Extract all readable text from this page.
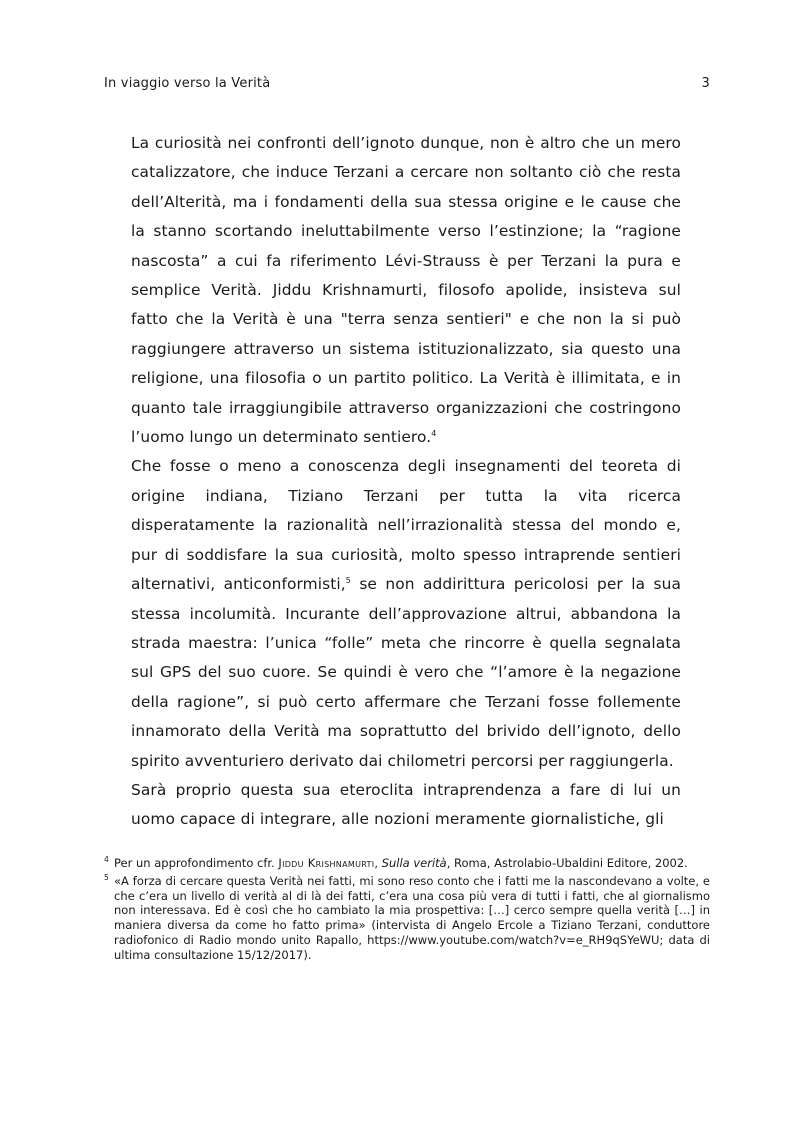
In viaggio verso la Verità	3

La curiosità nei confronti dell’ignoto dunque, non è altro che un mero catalizzatore, che induce Terzani a cercare non soltanto ciò che resta dell’Alterità, ma i fondamenti della sua stessa origine e le cause che la stanno scortando ineluttabilmente verso l’estinzione; la “ragione nascosta” a cui fa riferimento Lévi-Strauss è per Terzani la pura e semplice Verità. Jiddu Krishnamurti, filosofo apolide, insisteva sul fatto che la Verità è una "terra senza sentieri" e che non la si può raggiungere attraverso un sistema istituzionalizzato, sia questo una religione, una filosofia o un partito politico. La Verità è illimitata, e in quanto tale irraggiungibile attraverso organizzazioni che costringono l’uomo lungo un determinato sentiero.$^4$

Che fosse o meno a conoscenza degli insegnamenti del teoreta di origine indiana, Tiziano Terzani per tutta la vita ricerca disperatamente la razionalità nell’irrazionalità stessa del mondo e, pur di soddisfare la sua curiosità, molto spesso intraprende sentieri alternativi, anticonformisti,$^5$ se non addirittura pericolosi per la sua stessa incolumità. Incurante dell’approvazione altrui, abbandona la strada maestra: l’unica “folle” meta che rincorre è quella segnalata sul GPS del suo cuore. Se quindi è vero che “l’amore è la negazione della ragione”, si può certo affermare che Terzani fosse follemente innamorato della Verità ma soprattutto del brivido dell’ignoto, dello spirito avventuriero derivato dai chilometri percorsi per raggiungerla.

Sarà proprio questa sua eteroclita intraprendenza a fare di lui un uomo capace di integrare, alle nozioni meramente giornalistiche, gli

4 Per un approfondimento cfr. Jiddu Krishnamurti, Sulla verità, Roma, Astrolabio-Ubaldini Editore, 2002.

5 «A forza di cercare questa Verità nei fatti, mi sono reso conto che i fatti me la nascondevano a volte, e che c’era un livello di verità al di là dei fatti, c’era una cosa più vera di tutti i fatti, che al giornalismo non interessava. Ed è così che ho cambiato la mia prospettiva: […] cerco sempre quella verità […] in maniera diversa da come ho fatto prima» (intervista di Angelo Ercole a Tiziano Terzani, conduttore radiofonico di Radio mondo unito Rapallo, https://www.youtube.com/watch?v=e_RH9qSYeWU; data di ultima consultazione 15/12/2017).
